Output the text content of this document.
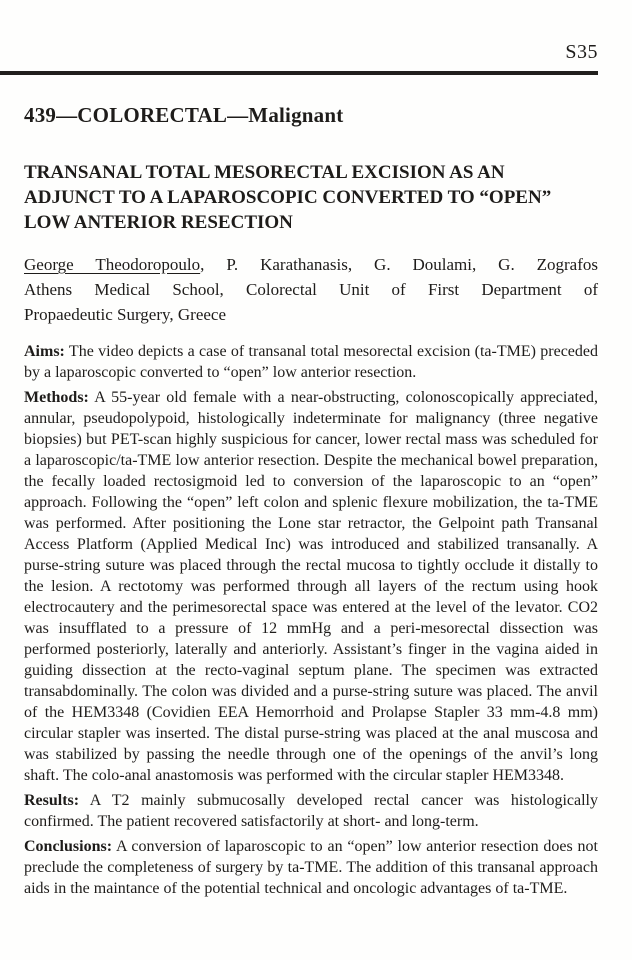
S35
439—COLORECTAL—Malignant
TRANSANAL TOTAL MESORECTAL EXCISION AS AN
ADJUNCT TO A LAPAROSCOPIC CONVERTED TO “OPEN”
LOW ANTERIOR RESECTION
George Theodoropoulo, P. Karathanasis, G. Doulami, G. Zografos
Athens Medical School, Colorectal Unit of First Department of
Propaedeutic Surgery, Greece

Aims: The video depicts a case of transanal total mesorectal excision (ta-TME) preceded by a laparoscopic converted to “open” low anterior resection.

Methods: A 55-year old female with a near-obstructing, colonoscopically appreciated, annular, pseudopolypoid, histologically indeterminate for malignancy (three negative biopsies) but PET-scan highly suspicious for cancer, lower rectal mass was scheduled for a laparoscopic/ta-TME low anterior resection. Despite the mechanical bowel preparation, the fecally loaded rectosigmoid led to conversion of the laparoscopic to an “open” approach. Following the “open” left colon and splenic flexure mobilization, the ta-TME was performed. After positioning the Lone star retractor, the Gelpoint path Transanal Access Platform (Applied Medical Inc) was introduced and stabilized transanally. A purse-string suture was placed through the rectal mucosa to tightly occlude it distally to the lesion. A rectotomy was performed through all layers of the rectum using hook electrocautery and the perimesorectal space was entered at the level of the levator. CO2 was insufflated to a pressure of 12 mmHg and a peri-mesorectal dissection was performed posteriorly, laterally and anteriorly. Assistant’s finger in the vagina aided in guiding dissection at the recto-vaginal septum plane. The specimen was extracted transabdominally. The colon was divided and a purse-string suture was placed. The anvil of the HEM3348 (Covidien EEA Hemorrhoid and Prolapse Stapler 33 mm-4.8 mm) circular stapler was inserted. The distal purse-string was placed at the anal muscosa and was stabilized by passing the needle through one of the openings of the anvil’s long shaft. The colo-anal anastomosis was performed with the circular stapler HEM3348.

Results: A T2 mainly submucosally developed rectal cancer was histologically confirmed. The patient recovered satisfactorily at short- and long-term.

Conclusions: A conversion of laparoscopic to an “open” low anterior resection does not preclude the completeness of surgery by ta-TME. The addition of this transanal approach aids in the maintance of the potential technical and oncologic advantages of ta-TME.
